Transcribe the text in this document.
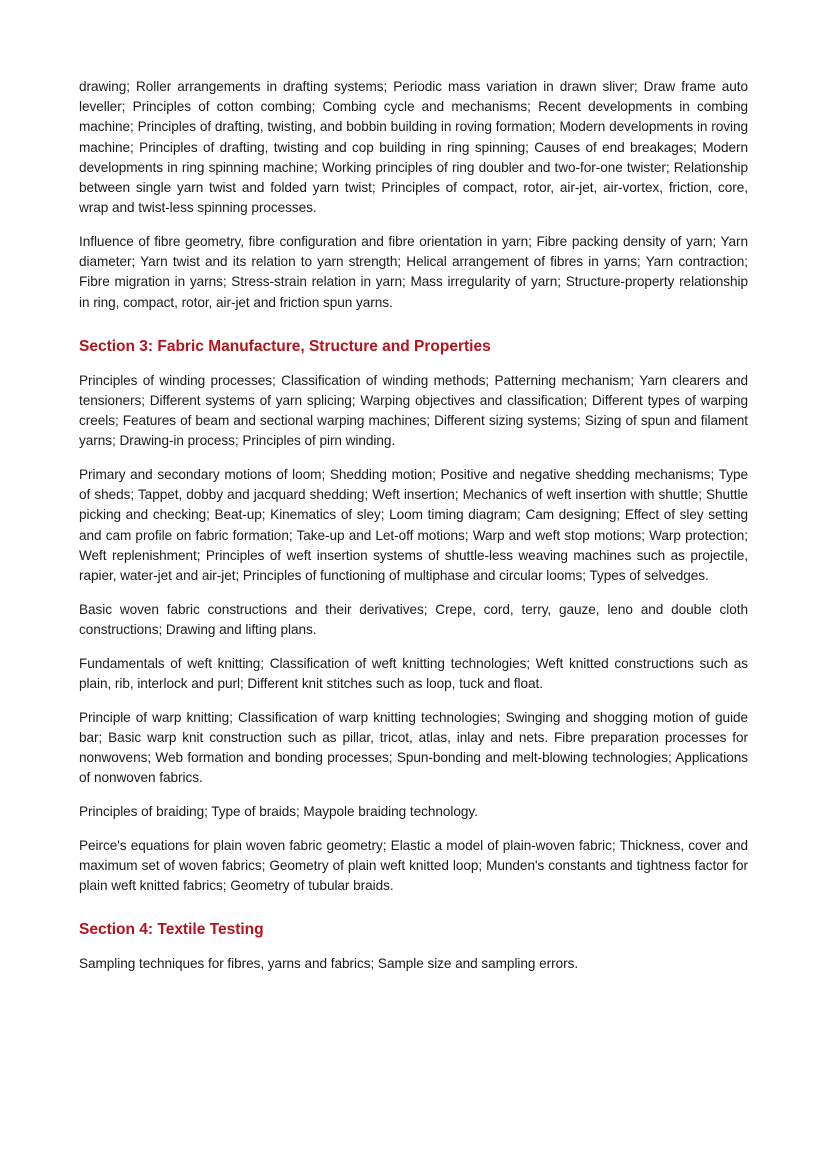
drawing; Roller arrangements in drafting systems; Periodic mass variation in drawn sliver; Draw frame auto leveller; Principles of cotton combing; Combing cycle and mechanisms; Recent developments in combing machine; Principles of drafting, twisting, and bobbin building in roving formation; Modern developments in roving machine; Principles of drafting, twisting and cop building in ring spinning; Causes of end breakages; Modern developments in ring spinning machine; Working principles of ring doubler and two-for-one twister; Relationship between single yarn twist and folded yarn twist; Principles of compact, rotor, air-jet, air-vortex, friction, core, wrap and twist-less spinning processes.

Influence of fibre geometry, fibre configuration and fibre orientation in yarn; Fibre packing density of yarn; Yarn diameter; Yarn twist and its relation to yarn strength; Helical arrangement of fibres in yarns; Yarn contraction; Fibre migration in yarns; Stress-strain relation in yarn; Mass irregularity of yarn; Structure-property relationship in ring, compact, rotor, air-jet and friction spun yarns.

Section 3: Fabric Manufacture, Structure and Properties

Principles of winding processes; Classification of winding methods; Patterning mechanism; Yarn clearers and tensioners; Different systems of yarn splicing; Warping objectives and classification; Different types of warping creels; Features of beam and sectional warping machines; Different sizing systems; Sizing of spun and filament yarns; Drawing-in process; Principles of pirn winding.

Primary and secondary motions of loom; Shedding motion; Positive and negative shedding mechanisms; Type of sheds; Tappet, dobby and jacquard shedding; Weft insertion; Mechanics of weft insertion with shuttle; Shuttle picking and checking; Beat-up; Kinematics of sley; Loom timing diagram; Cam designing; Effect of sley setting and cam profile on fabric formation; Take-up and Let-off motions; Warp and weft stop motions; Warp protection; Weft replenishment; Principles of weft insertion systems of shuttle-less weaving machines such as projectile, rapier, water-jet and air-jet; Principles of functioning of multiphase and circular looms; Types of selvedges.

Basic woven fabric constructions and their derivatives; Crepe, cord, terry, gauze, leno and double cloth constructions; Drawing and lifting plans.

Fundamentals of weft knitting; Classification of weft knitting technologies; Weft knitted constructions such as plain, rib, interlock and purl; Different knit stitches such as loop, tuck and float.

Principle of warp knitting; Classification of warp knitting technologies; Swinging and shogging motion of guide bar; Basic warp knit construction such as pillar, tricot, atlas, inlay and nets. Fibre preparation processes for nonwovens; Web formation and bonding processes; Spun-bonding and melt-blowing technologies; Applications of nonwoven fabrics.

Principles of braiding; Type of braids; Maypole braiding technology.

Peirce's equations for plain woven fabric geometry; Elastic a model of plain-woven fabric; Thickness, cover and maximum set of woven fabrics; Geometry of plain weft knitted loop; Munden's constants and tightness factor for plain weft knitted fabrics; Geometry of tubular braids.

Section 4: Textile Testing

Sampling techniques for fibres, yarns and fabrics; Sample size and sampling errors.
